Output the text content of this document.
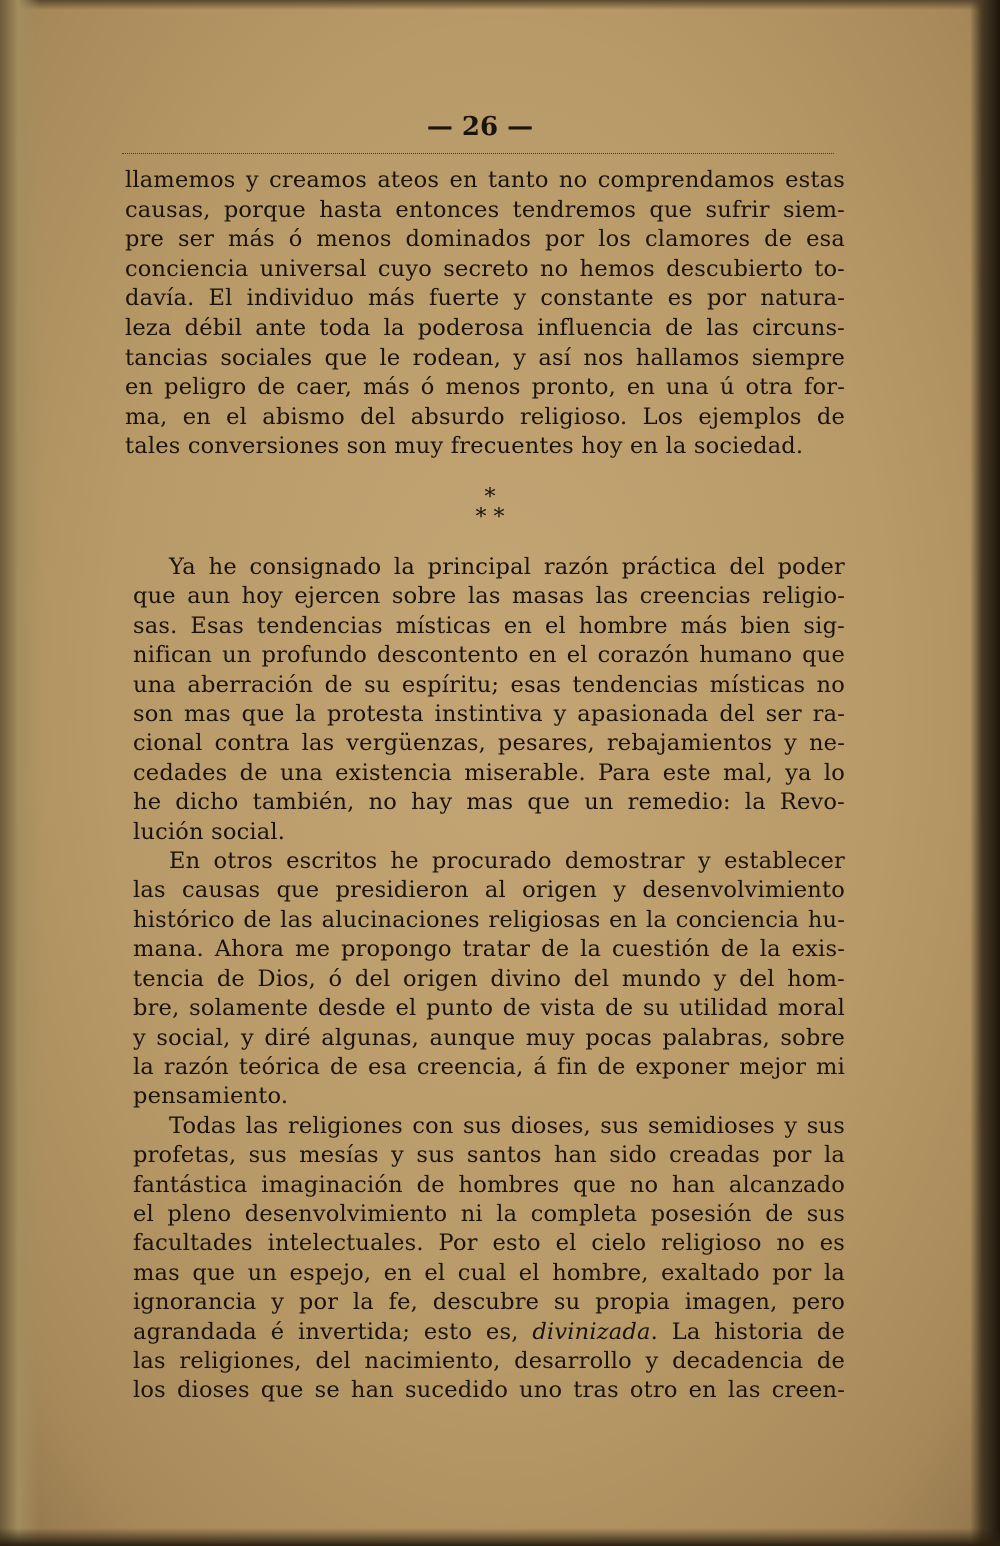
— 26 —
llamemos y creamos ateos en tanto no comprendamos estas
causas, porque hasta entonces tendremos que sufrir siem-
pre ser más ó menos dominados por los clamores de esa
conciencia universal cuyo secreto no hemos descubierto to-
davía. El individuo más fuerte y constante es por natura-
leza débil ante toda la poderosa influencia de las circuns-
tancias sociales que le rodean, y así nos hallamos siempre
en peligro de caer, más ó menos pronto, en una ú otra for-
ma, en el abismo del absurdo religioso. Los ejemplos de
tales conversiones son muy frecuentes hoy en la sociedad.
*
* *
Ya he consignado la principal razón práctica del poder
que aun hoy ejercen sobre las masas las creencias religio-
sas. Esas tendencias místicas en el hombre más bien sig-
nifican un profundo descontento en el corazón humano que
una aberración de su espíritu; esas tendencias místicas no
son mas que la protesta instintiva y apasionada del ser ra-
cional contra las vergüenzas, pesares, rebajamientos y ne-
cedades de una existencia miserable. Para este mal, ya lo
he dicho también, no hay mas que un remedio: la Revo-
lución social.
En otros escritos he procurado demostrar y establecer
las causas que presidieron al origen y desenvolvimiento
histórico de las alucinaciones religiosas en la conciencia hu-
mana. Ahora me propongo tratar de la cuestión de la exis-
tencia de Dios, ó del origen divino del mundo y del hom-
bre, solamente desde el punto de vista de su utilidad moral
y social, y diré algunas, aunque muy pocas palabras, sobre
la razón teórica de esa creencia, á fin de exponer mejor mi
pensamiento.
Todas las religiones con sus dioses, sus semidioses y sus
profetas, sus mesías y sus santos han sido creadas por la
fantástica imaginación de hombres que no han alcanzado
el pleno desenvolvimiento ni la completa posesión de sus
facultades intelectuales. Por esto el cielo religioso no es
mas que un espejo, en el cual el hombre, exaltado por la
ignorancia y por la fe, descubre su propia imagen, pero
agrandada é invertida; esto es, divinizada. La historia de
las religiones, del nacimiento, desarrollo y decadencia de
los dioses que se han sucedido uno tras otro en las creen-
